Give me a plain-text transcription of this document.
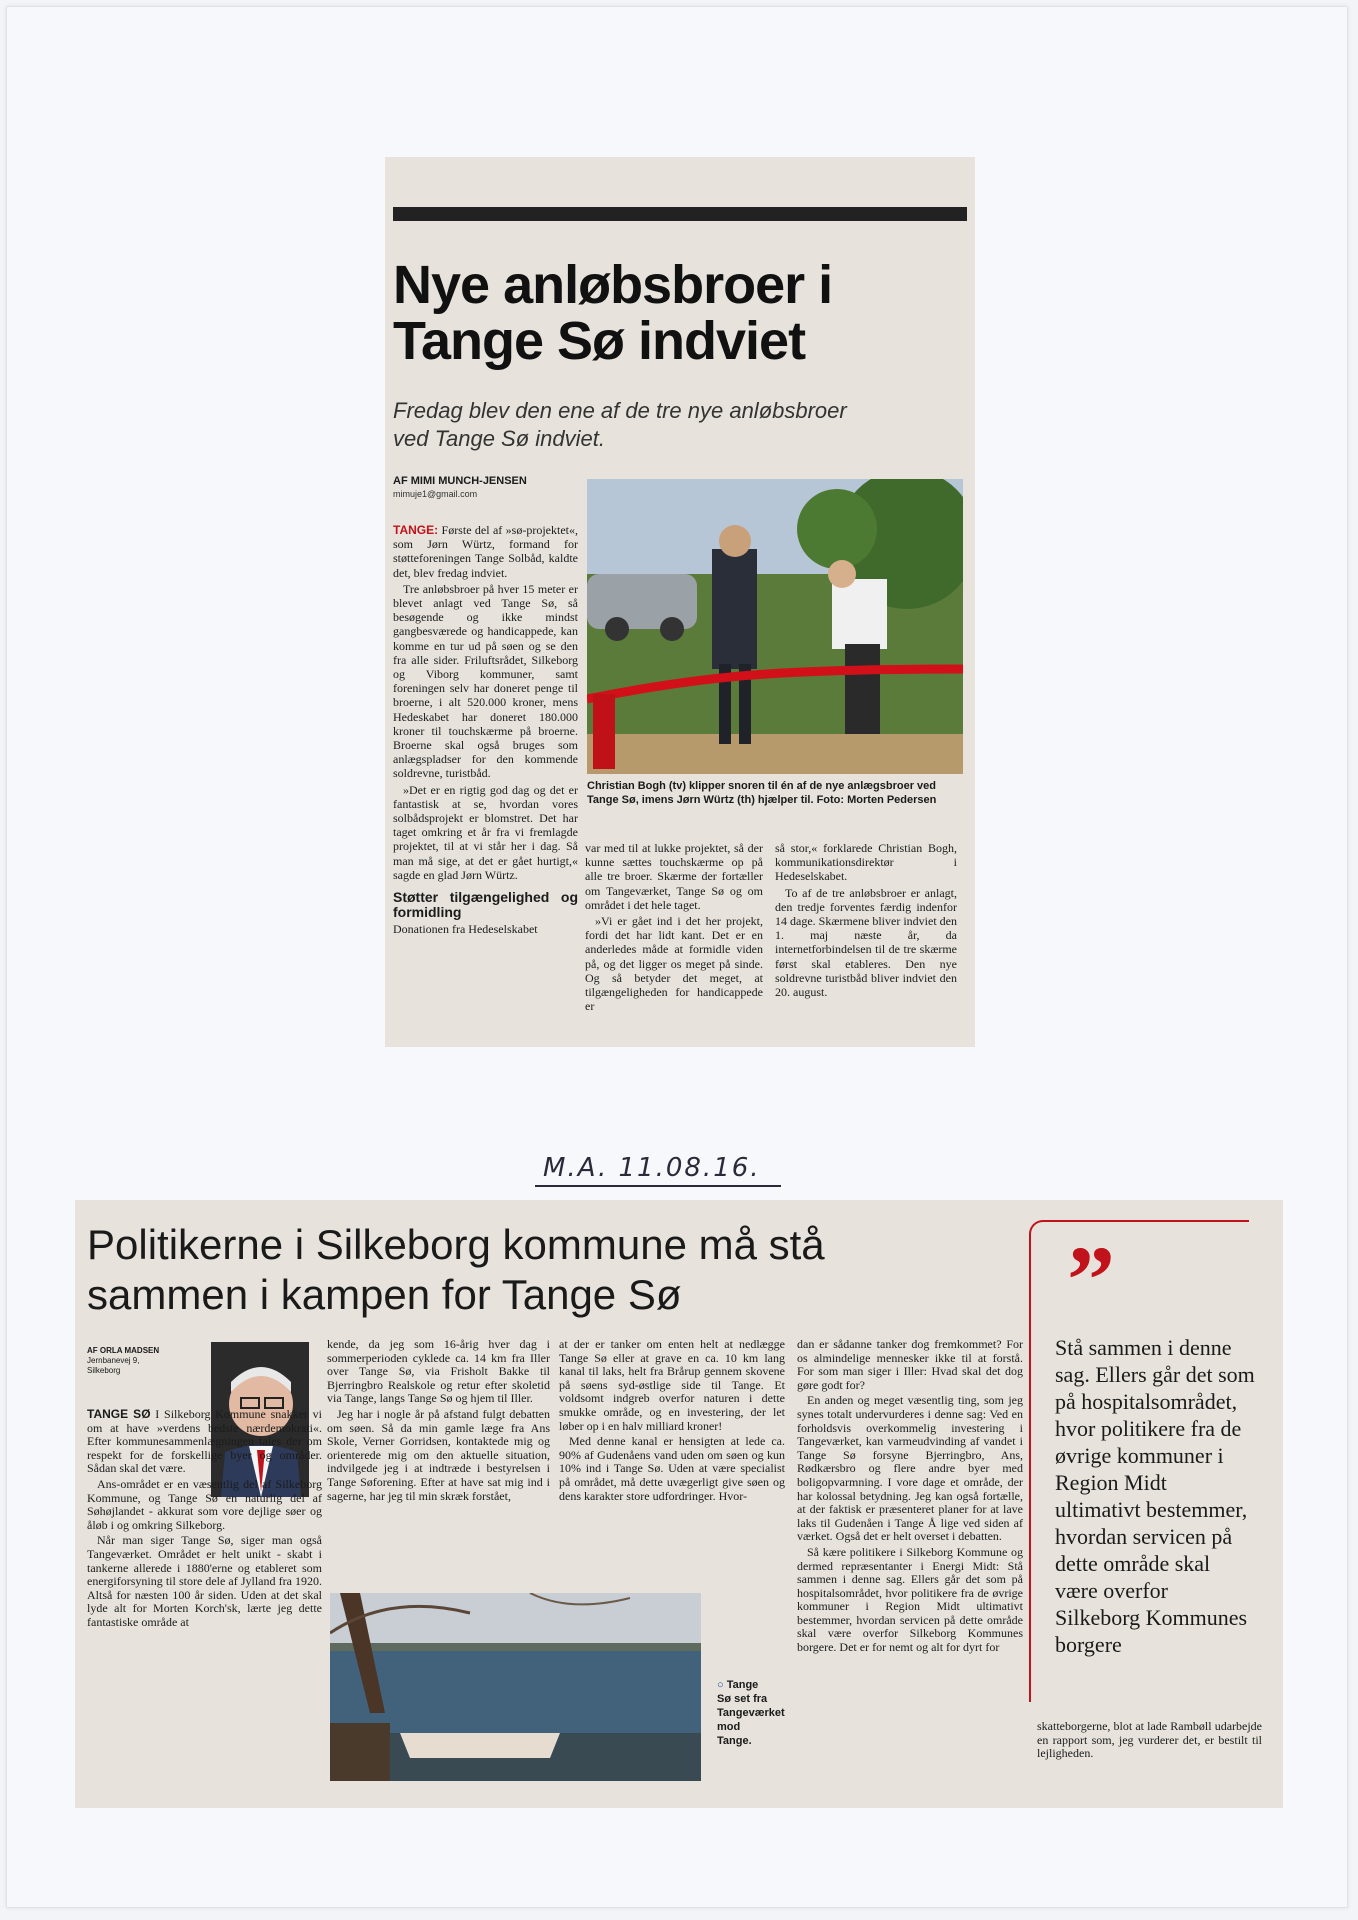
Nye anløbsbroer i Tange Sø indviet
Fredag blev den ene af de tre nye anløbsbroer ved Tange Sø indviet.
AF MIMI MUNCH-JENSEN
mimuje1@gmail.com

TANGE: Første del af »sø-projektet«, som Jørn Würtz, formand for støtteforeningen Tange Solbåd, kaldte det, blev fredag indviet.

Tre anløbsbroer på hver 15 meter er blevet anlagt ved Tange Sø, så besøgende og ikke mindst gangbesværede og handicappede, kan komme en tur ud på søen og se den fra alle sider. Friluftsrådet, Silkeborg og Viborg kommuner, samt foreningen selv har doneret penge til broerne, i alt 520.000 kroner, mens Hedeskabet har doneret 180.000 kroner til touchskærme på broerne. Broerne skal også bruges som anlægspladser for den kommende soldrevne, turistbåd.

»Det er en rigtig god dag og det er fantastisk at se, hvordan vores solbådsprojekt er blomstret. Det har taget omkring et år fra vi fremlagde projektet, til at vi står her i dag. Så man må sige, at det er gået hurtigt,« sagde en glad Jørn Würtz.

Støtter tilgængelighed og formidling

Donationen fra Hedeselskabet

Christian Bogh (tv) klipper snoren til én af de nye anlægsbroer ved Tange Sø, imens Jørn Würtz (th) hjælper til. Foto: Morten Pedersen

var med til at lukke projektet, så der kunne sættes touchskærme op på alle tre broer. Skærme der fortæller om Tangeværket, Tange Sø og om området i det hele taget.

»Vi er gået ind i det her projekt, fordi det har lidt kant. Det er en anderledes måde at formidle viden på, og det ligger os meget på sinde. Og så betyder det meget, at tilgængeligheden for handicappede er

så stor,« forklarede Christian Bogh, kommunikationsdirektør i Hedeselskabet.

To af de tre anløbsbroer er anlagt, den tredje forventes færdig indenfor 14 dage. Skærmene bliver indviet den 1. maj næste år, da internetforbindelsen til de tre skærme først skal etableres. Den nye soldrevne turistbåd bliver indviet den 20. august.

M.A. 11.08.16.
Politikerne i Silkeborg kommune må stå sammen i kampen for Tange Sø
AF ORLA MADSEN
Jernbanevej 9,
Silkeborg

TANGE SØ I Silkeborg Kommune snakker vi om at have »verdens bedste nærdemokrati«. Efter kommunesammenlægningen tales der om respekt for de forskellige byer og områder. Sådan skal det være.

Ans-området er en væsentlig del af Silkeborg Kommune, og Tange Sø en naturlig del af Søhøjlandet - akkurat som vore dejlige søer og åløb i og omkring Silkeborg.

Når man siger Tange Sø, siger man også Tangeværket. Området er helt unikt - skabt i tankerne allerede i 1880'erne og etableret som energiforsyning til store dele af Jylland fra 1920. Altså for næsten 100 år siden. Uden at det skal lyde alt for Morten Korch'sk, lærte jeg dette fantastiske område at

kende, da jeg som 16-årig hver dag i sommerperioden cyklede ca. 14 km fra Iller over Tange Sø, via Frisholt Bakke til Bjerringbro Realskole og retur efter skoletid via Tange, langs Tange Sø og hjem til Iller.

Jeg har i nogle år på afstand fulgt debatten om søen. Så da min gamle læge fra Ans Skole, Verner Gorridsen, kontaktede mig og orienterede mig om den aktuelle situation, indvilgede jeg i at indtræde i bestyrelsen i Tange Søforening. Efter at have sat mig ind i sagerne, har jeg til min skræk forstået,

at der er tanker om enten helt at nedlægge Tange Sø eller at grave en ca. 10 km lang kanal til laks, helt fra Brårup gennem skovene på søens syd-østlige side til Tange. Et voldsomt indgreb overfor naturen i dette smukke område, og en investering, der let løber op i en halv milliard kroner!

Med denne kanal er hensigten at lede ca. 90% af Gudenåens vand uden om søen og kun 10% ind i Tange Sø. Uden at være specialist på området, må dette uvægerligt give søen og dens karakter store udfordringer. Hvor-

○ Tange Sø set fra Tangeværket mod Tange.

dan er sådanne tanker dog fremkommet? For os almindelige mennesker ikke til at forstå. For som man siger i Iller: Hvad skal det dog gøre godt for?

En anden og meget væsentlig ting, som jeg synes totalt undervurderes i denne sag: Ved en forholdsvis overkommelig investering i Tangeværket, kan varmeudvinding af vandet i Tange Sø forsyne Bjerringbro, Ans, Rødkærsbro og flere andre byer med boligopvarmning. I vore dage et område, der har kolossal betydning. Jeg kan også fortælle, at der faktisk er præsenteret planer for at lave laks til Gudenåen i Tange Å lige ved siden af værket. Også det er helt overset i debatten.

Så kære politikere i Silkeborg Kommune og dermed repræsentanter i Energi Midt: Stå sammen i denne sag. Ellers går det som på hospitalsområdet, hvor politikere fra de øvrige kommuner i Region Midt ultimativt bestemmer, hvordan servicen på dette område skal være overfor Silkeborg Kommunes borgere. Det er for nemt og alt for dyrt for

”
Stå sammen i denne sag. Ellers går det som på hospitalsområdet, hvor politikere fra de øvrige kommuner i Region Midt ultimativt bestemmer, hvordan servicen på dette område skal være overfor Silkeborg Kommunes borgere

skatteborgerne, blot at lade Rambøll udarbejde en rapport som, jeg vurderer det, er bestilt til lejligheden.
